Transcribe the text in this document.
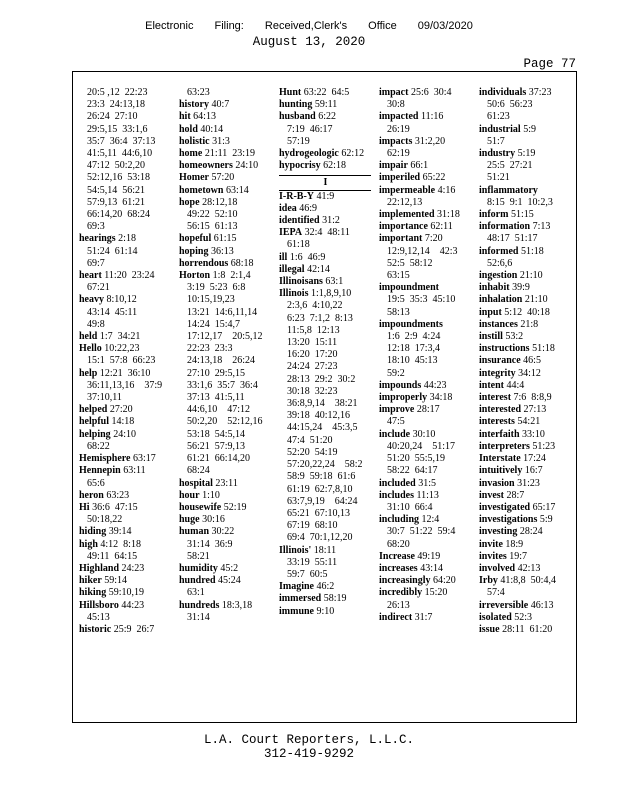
Electronic Filing: Received,Clerk's Office 09/03/2020
August 13, 2020
Page 77
20:5 ,12  22:23
23:3  24:13,18
26:24  27:10
29:5,15  33:1,6
35:7  36:4  37:13
41:5,11  44:6,10
47:12  50:2,20
52:12,16  53:18
54:5,14  56:21
57:9,13  61:21
66:14,20  68:24
69:3
hearings 2:18
51:24  61:14
69:7
heart 11:20  23:24
67:21
heavy 8:10,12
43:14  45:11
49:8
held 1:7  34:21
Hello 10:22,23
15:1  57:8  66:23
help 12:21  36:10
36:11,13,16    37:9
37:10,11
helped 27:20
helpful 14:18
helping 24:10
68:22
Hemisphere 63:17
Hennepin 63:11
65:6
heron 63:23
Hi 36:6  47:15
50:18,22
hiding 39:14
high 4:12  8:18
49:11  64:15
Highland 24:23
hiker 59:14
hiking 59:10,19
Hillsboro 44:23
45:13
historic 25:9  26:7
63:23
history 40:7
hit 64:13
hold 40:14
holistic 31:3
home 21:11  23:19
homeowners 24:10
Homer 57:20
hometown 63:14
hope 28:12,18
49:22  52:10
56:15  61:13
hopeful 61:15
hoping 36:13
horrendous 68:18
Horton 1:8  2:1,4
3:19  5:23  6:8
10:15,19,23
13:21  14:6,11,14
14:24  15:4,7
17:12,17    20:5,12
22:23  23:3
24:13,18    26:24
27:10  29:5,15
33:1,6  35:7  36:4
37:13  41:5,11
44:6,10    47:12
50:2,20    52:12,16
53:18  54:5,14
56:21  57:9,13
61:21  66:14,20
68:24
hospital 23:11
hour 1:10
housewife 52:19
huge 30:16
human 30:22
31:14  36:9
58:21
humidity 45:2
hundred 45:24
63:1
hundreds 18:3,18
31:14
Hunt 63:22  64:5
hunting 59:11
husband 6:22
7:19  46:17
57:19
hydrogeologic 62:12
hypocrisy 62:18
I
I-R-B-Y 41:9
idea 46:9
identified 31:2
IEPA 32:4  48:11
61:18
ill 1:6  46:9
illegal 42:14
Illinoisans 63:1
Illinois 1:1,8,9,10
2:3,6  4:10,22
6:23  7:1,2  8:13
11:5,8  12:13
13:20  15:11
16:20  17:20
24:24  27:23
28:13  29:2  30:2
30:18  32:23
36:8,9,14    38:21
39:18  40:12,16
44:15,24    45:3,5
47:4  51:20
52:20  54:19
57:20,22,24    58:2
58:9  59:18  61:6
61:19  62:7,8,10
63:7,9,19    64:24
65:21  67:10,13
67:19  68:10
69:4  70:1,12,20
Illinois' 18:11
33:19  55:11
59:7  60:5
Imagine 46:2
immersed 58:19
immune 9:10
impact 25:6  30:4
30:8
impacted 11:16
26:19
impacts 31:2,20
62:19
impair 66:1
imperiled 65:22
impermeable 4:16
22:12,13
implemented 31:18
importance 62:11
important 7:20
12:9,12,14    42:3
52:5  58:12
63:15
impoundment 19:5  35:3  45:10
58:13
impoundments 1:6  2:9  4:24
12:18  17:3,4
18:10  45:13
59:2
impounds 44:23
improperly 34:18
improve 28:17
47:5
include 30:10
40:20,24    51:17
51:20  55:5,19
58:22  64:17
included 31:5
includes 11:13
31:10  66:4
including 12:4
30:7  51:22  59:4
68:20
Increase 49:19
increases 43:14
increasingly 64:20
incredibly 15:20
26:13
indirect 31:7
individuals 37:23
50:6  56:23
61:23
industrial 5:9
51:7
industry 5:19
25:5  27:21
51:21
inflammatory 8:15  9:1  10:2,3
inform 51:15
information 7:13
48:17  51:17
informed 51:18
52:6,6
ingestion 21:10
inhabit 39:9
inhalation 21:10
input 5:12  40:18
instances 21:8
instill 53:2
instructions 51:18
insurance 46:5
integrity 34:12
intent 44:4
interest 7:6  8:8,9
interested 27:13
interests 54:21
interfaith 33:10
interpreters 51:23
Interstate 17:24
intuitively 16:7
invasion 31:23
invest 28:7
investigated 65:17
investigations 5:9
investing 28:24
invite 18:9
invites 19:7
involved 42:13
Irby 41:8,8  50:4,4
57:4
irreversible 46:13
isolated 52:3
issue 28:11  61:20
L.A. Court Reporters, L.L.C.
312-419-9292
